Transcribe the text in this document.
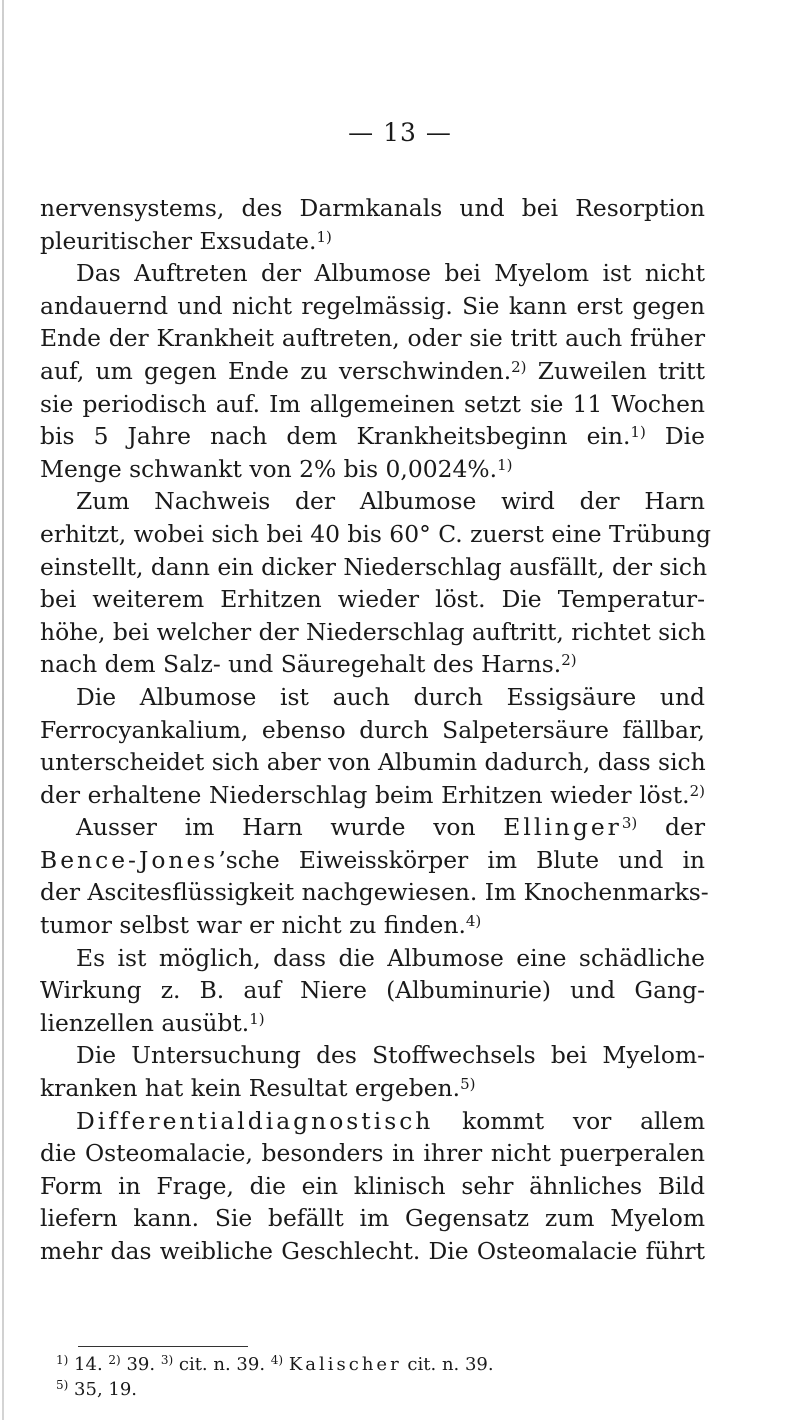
— 13 —
nervensystems, des Darmkanals und bei Resorption
pleuritischer Exsudate.$^{1)}$
Das Auftreten der Albumose bei Myelom ist nicht
andauernd und nicht regelmässig. Sie kann erst gegen
Ende der Krankheit auftreten, oder sie tritt auch früher
auf, um gegen Ende zu verschwinden.$^{2)}$ Zuweilen tritt
sie periodisch auf. Im allgemeinen setzt sie 11 Wochen
bis 5 Jahre nach dem Krankheitsbeginn ein.$^{1)}$ Die
Menge schwankt von 2% bis 0,0024%.$^{1)}$
Zum Nachweis der Albumose wird der Harn
erhitzt, wobei sich bei 40 bis 60° C. zuerst eine Trübung
einstellt, dann ein dicker Niederschlag ausfällt, der sich
bei weiterem Erhitzen wieder löst. Die Temperatur-
höhe, bei welcher der Niederschlag auftritt, richtet sich
nach dem Salz- und Säuregehalt des Harns.$^{2)}$
Die Albumose ist auch durch Essigsäure und
Ferrocyankalium, ebenso durch Salpetersäure fällbar,
unterscheidet sich aber von Albumin dadurch, dass sich
der erhaltene Niederschlag beim Erhitzen wieder löst.$^{2)}$
Ausser im Harn wurde von Ellinger$^{3)}$ der
Bence-Jones’sche Eiweisskörper im Blute und in
der Ascitesflüssigkeit nachgewiesen. Im Knochenmarks-
tumor selbst war er nicht zu finden.$^{4)}$
Es ist möglich, dass die Albumose eine schädliche
Wirkung z. B. auf Niere (Albuminurie) und Gang-
lienzellen ausübt.$^{1)}$
Die Untersuchung des Stoffwechsels bei Myelom-
kranken hat kein Resultat ergeben.$^{5)}$
Differentialdiagnostisch kommt vor allem
die Osteomalacie, besonders in ihrer nicht puerperalen
Form in Frage, die ein klinisch sehr ähnliches Bild
liefern kann. Sie befällt im Gegensatz zum Myelom
mehr das weibliche Geschlecht. Die Osteomalacie führt
$^{1)}$ 14. $^{2)}$ 39. $^{3)}$ cit. n. 39. $^{4)}$ Kalischer cit. n. 39.
$^{5)}$ 35, 19.
